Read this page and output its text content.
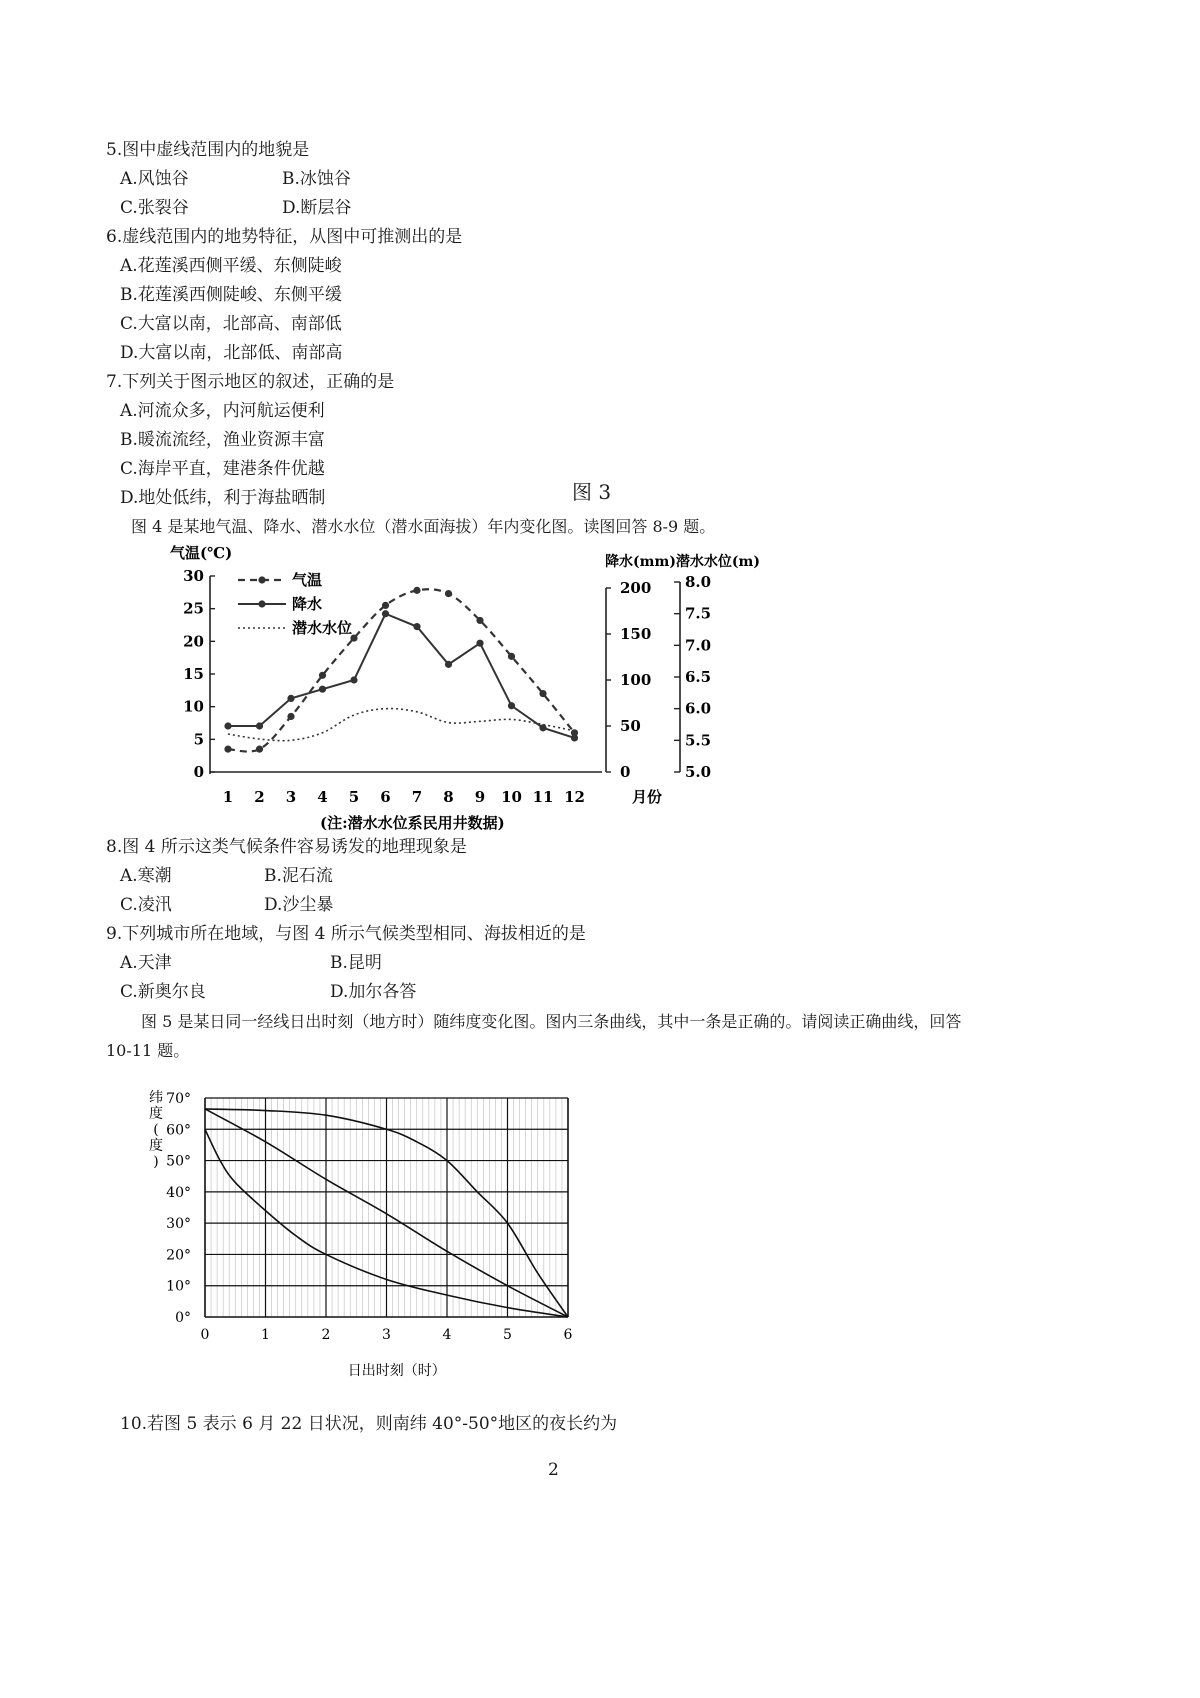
5.图中虚线范围内的地貌是
A.风蚀谷	B.冰蚀谷
C.张裂谷	D.断层谷
6.虚线范围内的地势特征，从图中可推测出的是
A.花莲溪西侧平缓、东侧陡峻
B.花莲溪西侧陡峻、东侧平缓
C.大富以南，北部高、南部低
D.大富以南，北部低、南部高
7.下列关于图示地区的叙述，正确的是
A.河流众多，内河航运便利
B.暖流流经，渔业资源丰富
C.海岸平直，建港条件优越
D.地处低纬，利于海盐晒制	图 3
图 4 是某地气温、降水、潜水水位（潜水面海拔）年内变化图。读图回答 8-9 题。
0
5
10
15
20
25
30
0
50
100
150
200
5.0
5.5
6.0
6.5
7.0
7.5
8.0
1 2 3 4 5 6 7 8 9 10 11 12	月份
气温(℃)	降水(mm)潜水水位(m)
(注:潜水水位系民用井数据)
气温
降水
潜水水位
8.图 4 所示这类气候条件容易诱发的地理现象是
A.寒潮	B.泥石流
C.凌汛	D.沙尘暴
9.下列城市所在地域，与图 4 所示气候类型相同、海拔相近的是
A.天津	B.昆明
C.新奥尔良	D.加尔各答
图 5 是某日同一经线日出时刻（地方时）随纬度变化图。图内三条曲线，其中一条是正确的。请阅读正确曲线，回答
10-11 题。
0	1	2	3	4	5	6
0°
10°
20°
30°
40°
50°
60°
70°
纬度(度)
日出时刻（时）
10.若图 5 表示 6 月 22 日状况，则南纬 40°-50°地区的夜长约为
2
